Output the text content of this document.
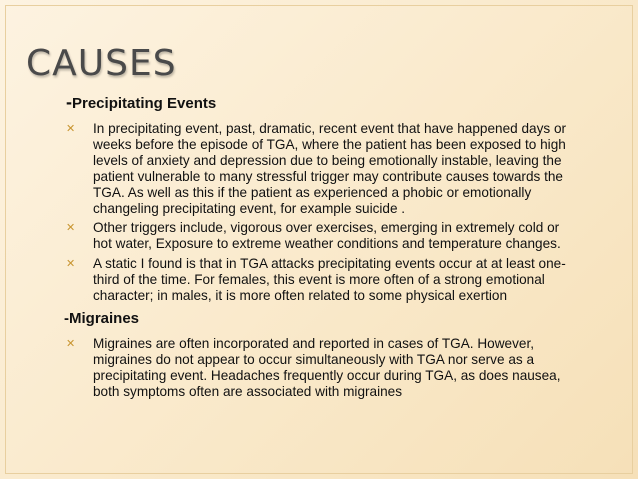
CAUSES
-Precipitating Events
✕ In precipitating event, past, dramatic, recent event that have happened days or weeks before the episode of TGA, where the patient has been exposed to high levels of anxiety and depression due to being emotionally instable, leaving the patient vulnerable to many stressful trigger may contribute causes towards the TGA. As well as this if the patient as experienced a phobic or emotionally changeling precipitating event, for example suicide .
✕ Other triggers include, vigorous over exercises, emerging in extremely cold or hot water, Exposure to extreme weather conditions and temperature changes.
✕ A static I found is that in TGA attacks precipitating events occur at at least one-third of the time. For females, this event is more often of a strong emotional character; in males, it is more often related to some physical exertion
-Migraines
✕ Migraines are often incorporated and reported in cases of TGA. However, migraines do not appear to occur simultaneously with TGA nor serve as a precipitating event. Headaches frequently occur during TGA, as does nausea, both symptoms often are associated with migraines
